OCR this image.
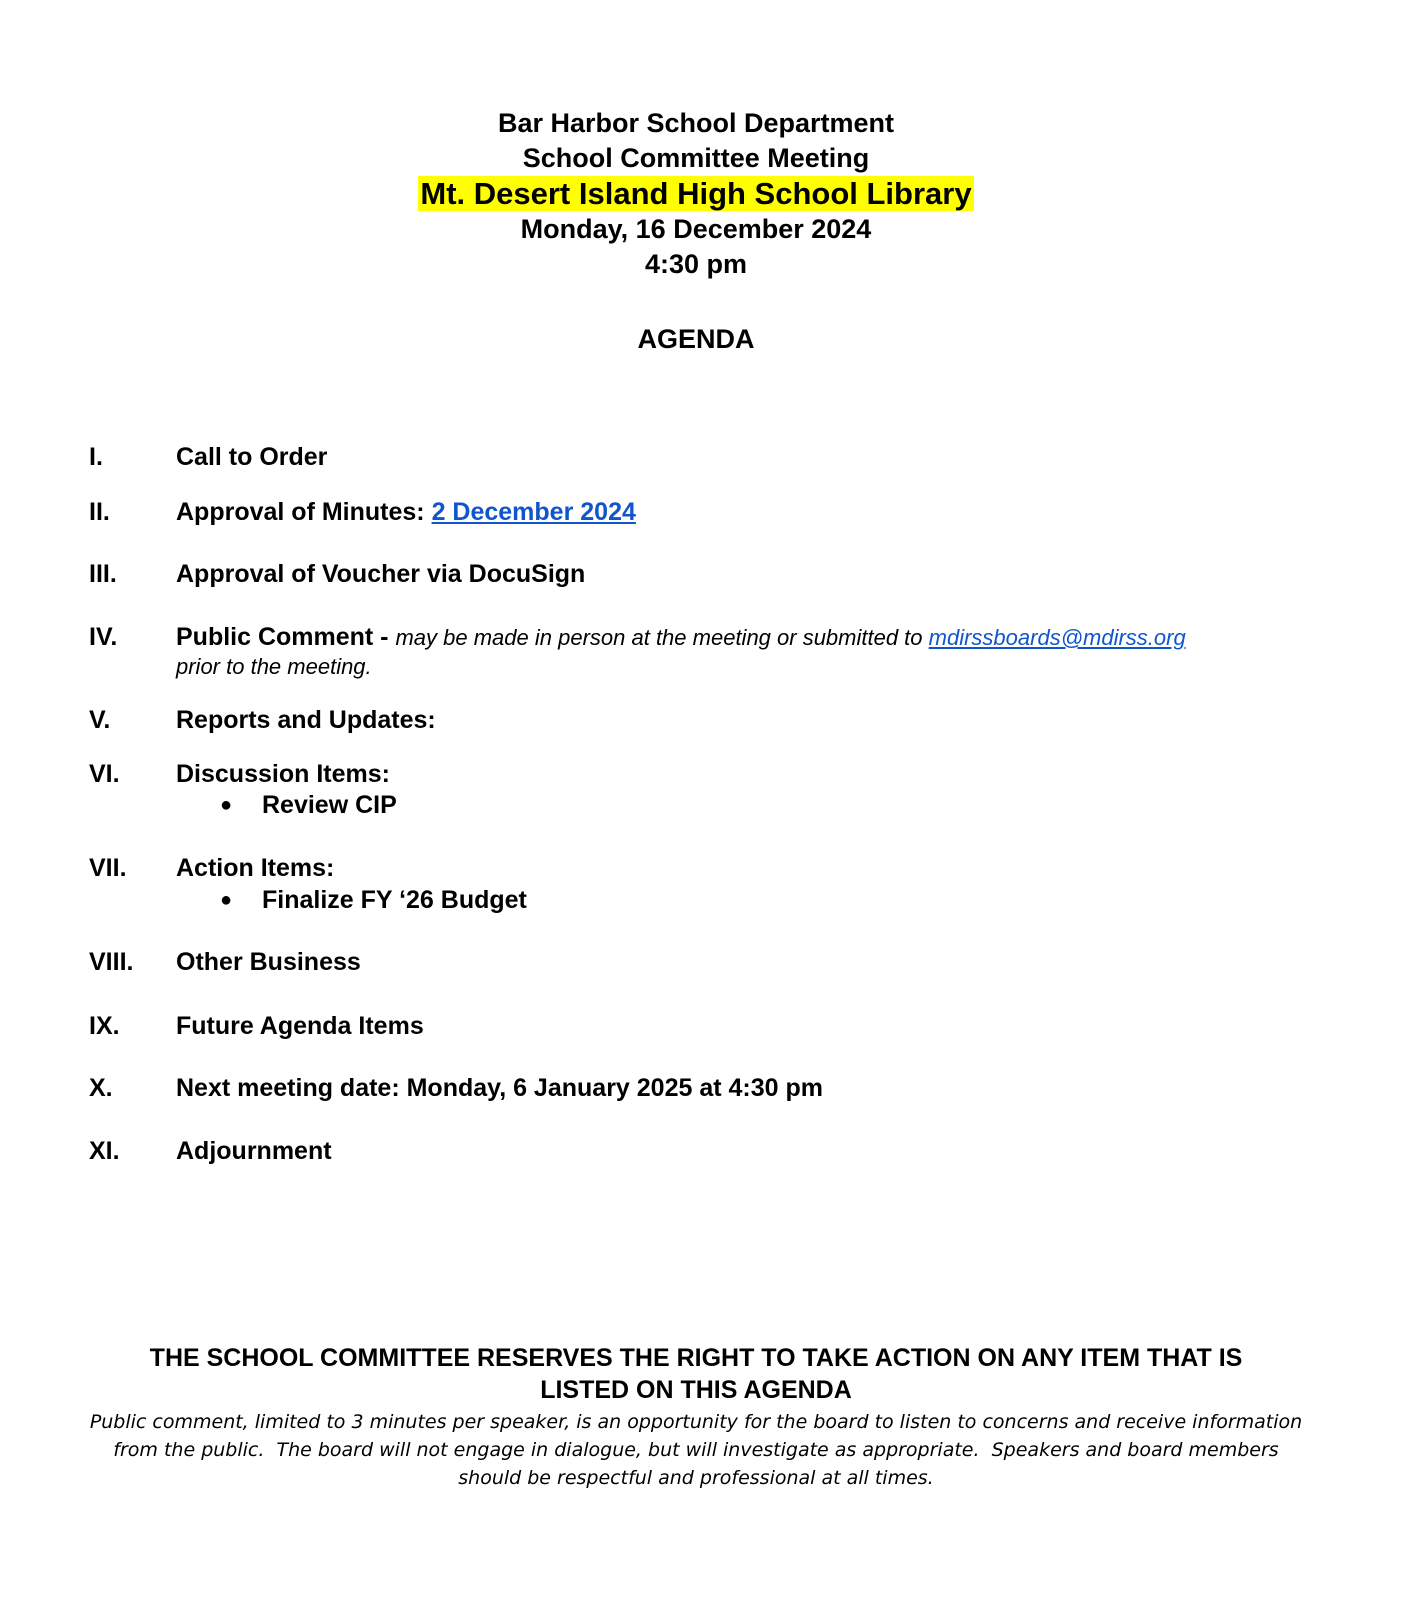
Bar Harbor School Department
School Committee Meeting
Mt. Desert Island High School Library
Monday, 16 December 2024
4:30 pm
AGENDA
I.	Call to Order
II.	Approval of Minutes: 2 December 2024
III.	Approval of Voucher via DocuSign
IV.	Public Comment - may be made in person at the meeting or submitted to mdirssboards@mdirss.org
prior to the meeting.
V.	Reports and Updates:
VI.	Discussion Items:
● Review CIP
VII.	Action Items:
● Finalize FY ‘26 Budget
VIII.	Other Business
IX.	Future Agenda Items
X.	Next meeting date: Monday, 6 January 2025 at 4:30 pm
XI.	Adjournment
THE SCHOOL COMMITTEE RESERVES THE RIGHT TO TAKE ACTION ON ANY ITEM THAT IS
LISTED ON THIS AGENDA
Public comment, limited to 3 minutes per speaker, is an opportunity for the board to listen to concerns and receive information
from the public.  The board will not engage in dialogue, but will investigate as appropriate.  Speakers and board members
should be respectful and professional at all times.
